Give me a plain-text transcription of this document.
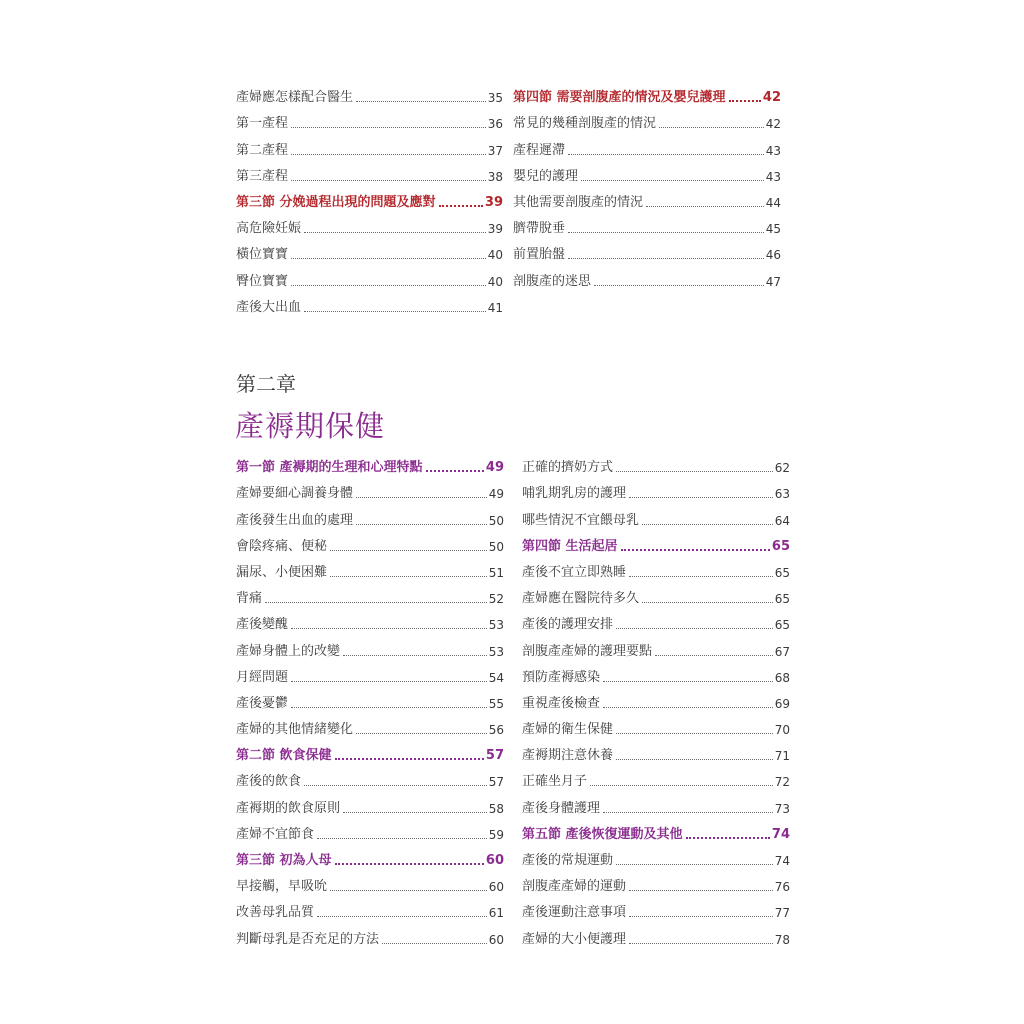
產婦應怎樣配合醫生	35
第一產程	36
第二產程	37
第三產程	38
第三節 分娩過程出現的問題及應對	39
高危險妊娠	39
橫位寶寶	40
臀位寶寶	40
產後大出血	41
第四節 需要剖腹產的情況及嬰兒護理	42
常見的幾種剖腹產的情況	42
產程遲滯	43
嬰兒的護理	43
其他需要剖腹產的情況	44
臍帶脫垂	45
前置胎盤	46
剖腹產的迷思	47
第二章
產褥期保健
第一節 產褥期的生理和心理特點	49
產婦要細心調養身體	49
產後發生出血的處理	50
會陰疼痛、便秘	50
漏尿、小便困難	51
背痛	52
產後變醜	53
產婦身體上的改變	53
月經問題	54
產後憂鬱	55
產婦的其他情緒變化	56
第二節 飲食保健	57
產後的飲食	57
產褥期的飲食原則	58
產婦不宜節食	59
第三節 初為人母	60
早接觸，早吸吮	60
改善母乳品質	61
判斷母乳是否充足的方法	60
正確的擠奶方式	62
哺乳期乳房的護理	63
哪些情況不宜餵母乳	64
第四節 生活起居	65
產後不宜立即熟睡	65
產婦應在醫院待多久	65
產後的護理安排	65
剖腹產產婦的護理要點	67
預防產褥感染	68
重視產後檢查	69
產婦的衛生保健	70
產褥期注意休養	71
正確坐月子	72
產後身體護理	73
第五節 產後恢復運動及其他	74
產後的常規運動	74
剖腹產產婦的運動	76
產後運動注意事項	77
產婦的大小便護理	78
